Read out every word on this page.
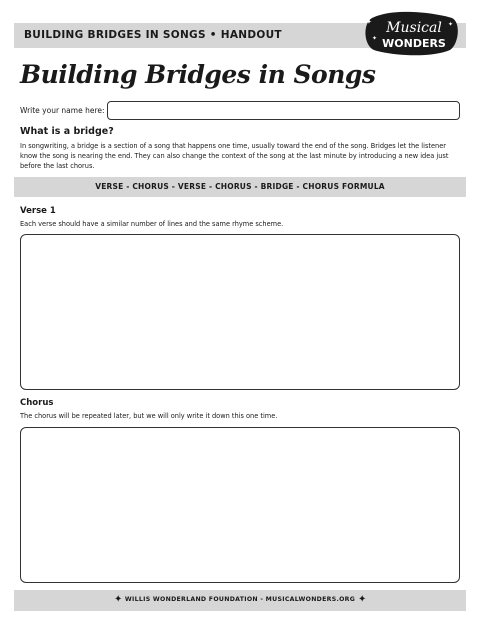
BUILDING BRIDGES IN SONGS • HANDOUT
✦
✦
✦
Musical
WONDERS
Building Bridges in Songs
Write your name here:
What is a bridge?
In songwriting, a bridge is a section of a song that happens one time, usually toward the end of the song. Bridges let the listener know the song is nearing the end. They can also change the context of the song at the last minute by introducing a new idea just before the last chorus.
VERSE - CHORUS - VERSE - CHORUS - BRIDGE - CHORUS FORMULA
Verse 1
Each verse should have a similar number of lines and the same rhyme scheme.
Chorus
The chorus will be repeated later, but we will only write it down this one time.
✦ WILLIS WONDERLAND FOUNDATION - MUSICALWONDERS.ORG ✦
